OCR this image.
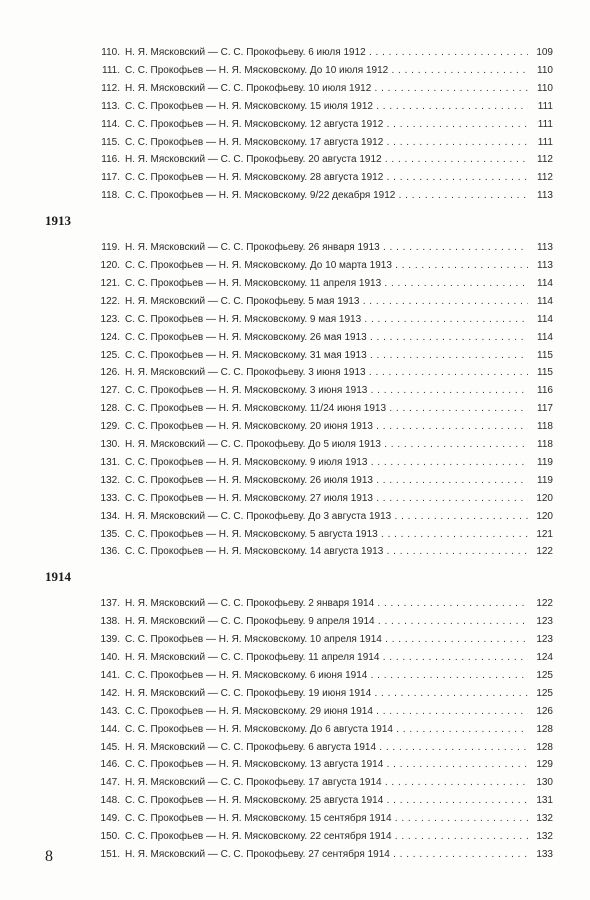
110. Н. Я. Мясковский — С. С. Прокофьеву. 6 июля 1912 . . .	109
111. С. С. Прокофьев — Н. Я. Мясковскому. До 10 июля 1912 . . .	110
112. Н. Я. Мясковский — С. С. Прокофьеву. 10 июля 1912 . . .	110
113. С. С. Прокофьев — Н. Я. Мясковскому. 15 июля 1912 . . .	111
114. С. С. Прокофьев — Н. Я. Мясковскому. 12 августа 1912 . . .	111
115. С. С. Прокофьев — Н. Я. Мясковскому. 17 августа 1912 . . .	111
116. Н. Я. Мясковский — С. С. Прокофьеву. 20 августа 1912 . . .	112
117. С. С. Прокофьев — Н. Я. Мясковскому. 28 августа 1912 . . .	112
118. С. С. Прокофьев — Н. Я. Мясковскому. 9/22 декабря 1912 . . .	113
1913
119. Н. Я. Мясковский — С. С. Прокофьеву. 26 января 1913 . . .	113
120. С. С. Прокофьев — Н. Я. Мясковскому. До 10 марта 1913 . . .	113
121. С. С. Прокофьев — Н. Я. Мясковскому. 11 апреля 1913 . . .	114
122. Н. Я. Мясковский — С. С. Прокофьеву. 5 мая 1913 . . .	114
123. С. С. Прокофьев — Н. Я. Мясковскому. 9 мая 1913 . . .	114
124. С. С. Прокофьев — Н. Я. Мясковскому. 26 мая 1913 . . .	114
125. С. С. Прокофьев — Н. Я. Мясковскому. 31 мая 1913 . . .	115
126. Н. Я. Мясковский — С. С. Прокофьеву. 3 июня 1913 . . .	115
127. С. С. Прокофьев — Н. Я. Мясковскому. 3 июня 1913 . . .	116
128. С. С. Прокофьев — Н. Я. Мясковскому. 11/24 июня 1913 . . .	117
129. С. С. Прокофьев — Н. Я. Мясковскому. 20 июня 1913 . . .	118
130. Н. Я. Мясковский — С. С. Прокофьеву. До 5 июля 1913 . . .	118
131. С. С. Прокофьев — Н. Я. Мясковскому. 9 июля 1913 . . .	119
132. С. С. Прокофьев — Н. Я. Мясковскому. 26 июля 1913 . . .	119
133. С. С. Прокофьев — Н. Я. Мясковскому. 27 июля 1913 . . .	120
134. Н. Я. Мясковский — С. С. Прокофьеву. До 3 августа 1913 . . .	120
135. С. С. Прокофьев — Н. Я. Мясковскому. 5 августа 1913 . . .	121
136. С. С. Прокофьев — Н. Я. Мясковскому. 14 августа 1913 . . .	122
1914
137. Н. Я. Мясковский — С. С. Прокофьеву. 2 января 1914 . . .	122
138. Н. Я. Мясковский — С. С. Прокофьеву. 9 апреля 1914 . . .	123
139. С. С. Прокофьев — Н. Я. Мясковскому. 10 апреля 1914 . . .	123
140. Н. Я. Мясковский — С. С. Прокофьеву. 11 апреля 1914 . . .	124
141. С. С. Прокофьев — Н. Я. Мясковскому. 6 июня 1914 . . .	125
142. Н. Я. Мясковский — С. С. Прокофьеву. 19 июня 1914 . . .	125
143. С. С. Прокофьев — Н. Я. Мясковскому. 29 июня 1914 . . .	126
144. С. С. Прокофьев — Н. Я. Мясковскому. До 6 августа 1914 . . .	128
145. Н. Я. Мясковский — С. С. Прокофьеву. 6 августа 1914 . . .	128
146. С. С. Прокофьев — Н. Я. Мясковскому. 13 августа 1914 . . .	129
147. Н. Я. Мясковский — С. С. Прокофьеву. 17 августа 1914 . . .	130
148. С. С. Прокофьев — Н. Я. Мясковскому. 25 августа 1914 . . .	131
149. С. С. Прокофьев — Н. Я. Мясковскому. 15 сентября 1914 . . .	132
150. С. С. Прокофьев — Н. Я. Мясковскому. 22 сентября 1914 . . .	132
151. Н. Я. Мясковский — С. С. Прокофьеву. 27 сентября 1914 . . .	133
8
